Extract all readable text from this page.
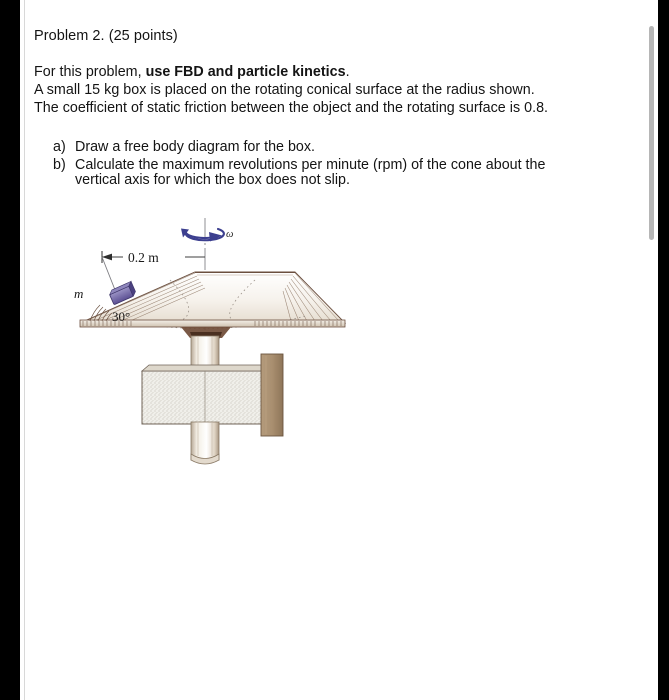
Problem 2. (25 points)
For this problem, use FBD and particle kinetics.
A small 15 kg box is placed on the rotating conical surface at the radius shown.
The coefficient of static friction between the object and the rotating surface is 0.8.
a) Draw a free body diagram for the box.
b) Calculate the maximum revolutions per minute (rpm) of the cone about the
vertical axis for which the box does not slip.
ω
0.2 m
m
30°
